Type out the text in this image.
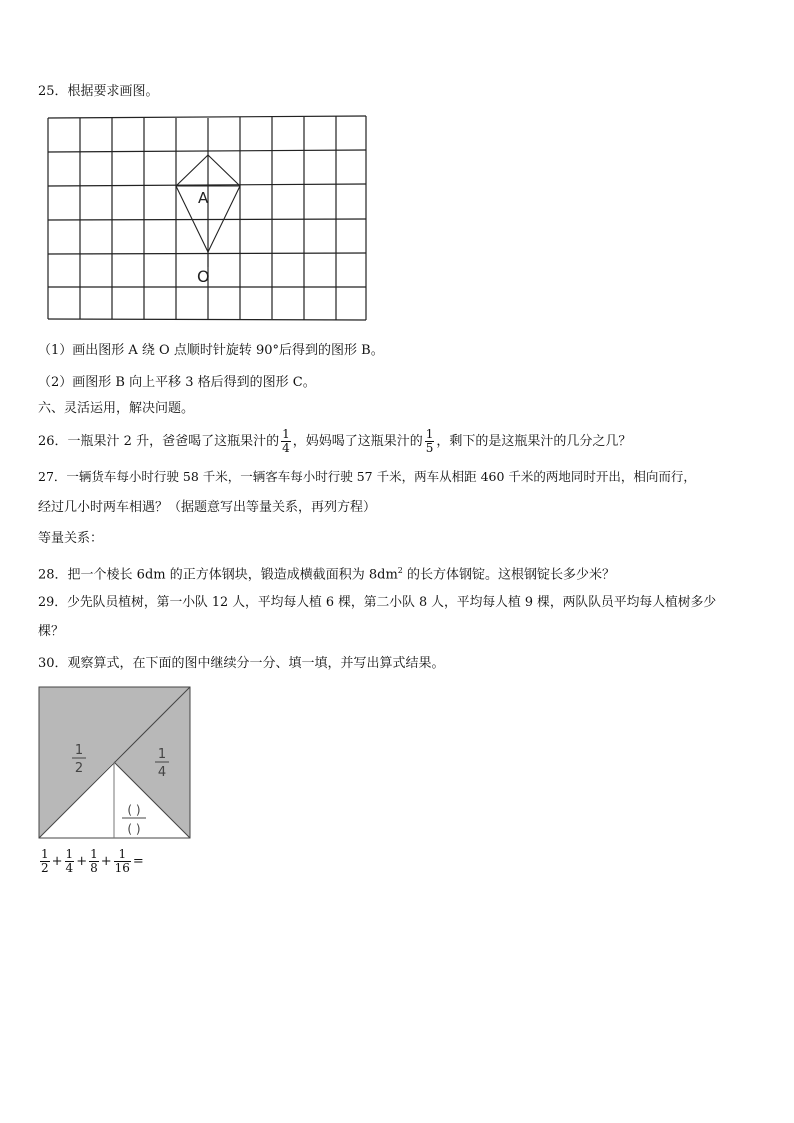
25．根据要求画图。
A
O
（1）画出图形 A 绕 O 点顺时针旋转 90°后得到的图形 B。
（2）画图形 B 向上平移 3 格后得到的图形 C。
六、灵活运用，解决问题。
26．一瓶果汁 2 升，爸爸喝了这瓶果汁的 $\frac{1}{4}$ ，妈妈喝了这瓶果汁的 $\frac{1}{5}$ ，剩下的是这瓶果汁的几分之几？
27．一辆货车每小时行驶 58 千米，一辆客车每小时行驶 57 千米，两车从相距 460 千米的两地同时开出，相向而行，
经过几小时两车相遇？（据题意写出等量关系，再列方程）
等量关系：
28．把一个棱长 6dm 的正方体钢块，锻造成横截面积为 $8dm^2$ 的长方体钢锭。这根钢锭长多少米？
29．少先队员植树，第一小队 12 人，平均每人植 6 棵，第二小队 8 人，平均每人植 9 棵，两队队员平均每人植树多少
棵？
30．观察算式，在下面的图中继续分一分、填一填，并写出算式结果。
1
2
1
4
( )
( )
$\frac{1}{2} + \frac{1}{4} + \frac{1}{8} + \frac{1}{16}$ =
